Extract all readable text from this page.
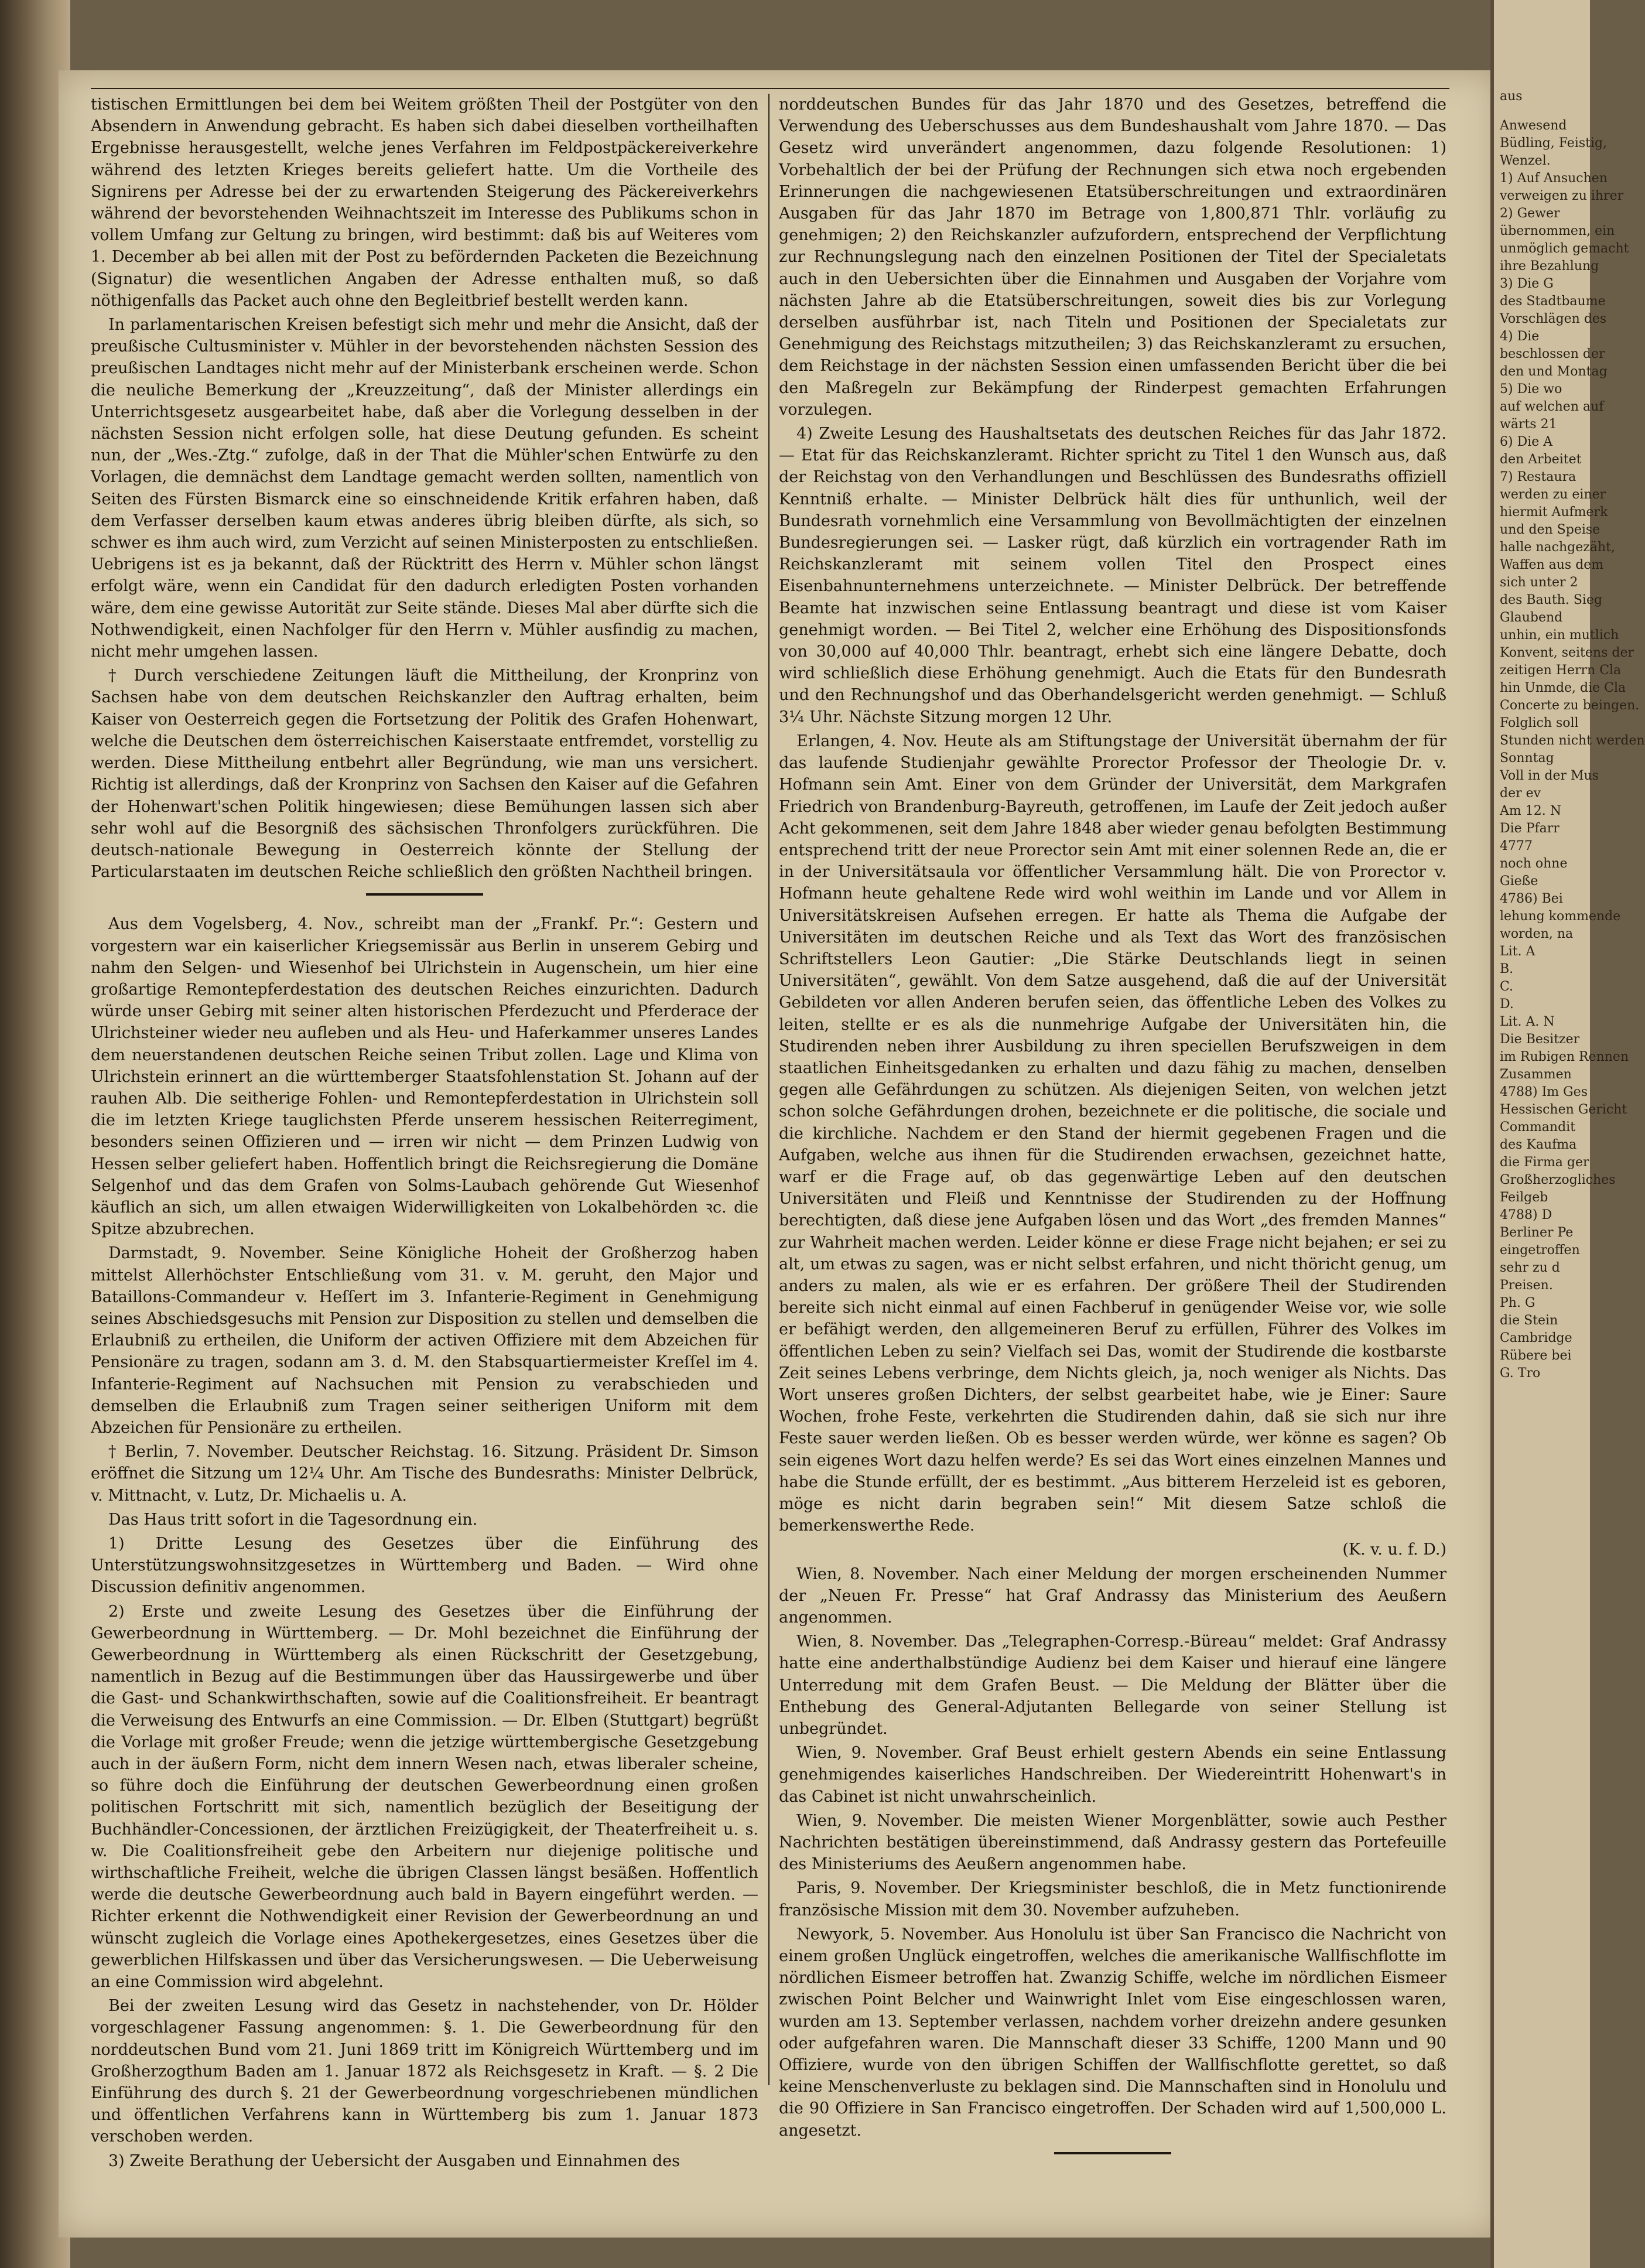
tistischen Ermittlungen bei dem bei Weitem größten Theil der Postgüter von den Absendern in Anwendung gebracht. Es haben sich dabei dieselben vortheilhaften Ergebnisse herausgestellt, welche jenes Verfahren im Feldpostpäckereiverkehre während des letzten Krieges bereits geliefert hatte. Um die Vortheile des Signirens per Adresse bei der zu erwartenden Steigerung des Päckereiverkehrs während der bevorstehenden Weihnachtszeit im Interesse des Publikums schon in vollem Umfang zur Geltung zu bringen, wird bestimmt: daß bis auf Weiteres vom 1. December ab bei allen mit der Post zu befördernden Packeten die Bezeichnung (Signatur) die wesentlichen Angaben der Adresse enthalten muß, so daß nöthigenfalls das Packet auch ohne den Begleitbrief bestellt werden kann.

In parlamentarischen Kreisen befestigt sich mehr und mehr die Ansicht, daß der preußische Cultusminister v. Mühler in der bevorstehenden nächsten Session des preußischen Landtages nicht mehr auf der Ministerbank erscheinen werde. Schon die neuliche Bemerkung der „Kreuzzeitung“, daß der Minister allerdings ein Unterrichtsgesetz ausgearbeitet habe, daß aber die Vorlegung desselben in der nächsten Session nicht erfolgen solle, hat diese Deutung gefunden. Es scheint nun, der „Wes.-Ztg.“ zufolge, daß in der That die Mühler'schen Entwürfe zu den Vorlagen, die demnächst dem Landtage gemacht werden sollten, namentlich von Seiten des Fürsten Bismarck eine so einschneidende Kritik erfahren haben, daß dem Verfasser derselben kaum etwas anderes übrig bleiben dürfte, als sich, so schwer es ihm auch wird, zum Verzicht auf seinen Ministerposten zu entschließen. Uebrigens ist es ja bekannt, daß der Rücktritt des Herrn v. Mühler schon längst erfolgt wäre, wenn ein Candidat für den dadurch erledigten Posten vorhanden wäre, dem eine gewisse Autorität zur Seite stände. Dieses Mal aber dürfte sich die Nothwendigkeit, einen Nachfolger für den Herrn v. Mühler ausfindig zu machen, nicht mehr umgehen lassen.

† Durch verschiedene Zeitungen läuft die Mittheilung, der Kronprinz von Sachsen habe von dem deutschen Reichskanzler den Auftrag erhalten, beim Kaiser von Oesterreich gegen die Fortsetzung der Politik des Grafen Hohenwart, welche die Deutschen dem österreichischen Kaiserstaate entfremdet, vorstellig zu werden. Diese Mittheilung entbehrt aller Begründung, wie man uns versichert. Richtig ist allerdings, daß der Kronprinz von Sachsen den Kaiser auf die Gefahren der Hohenwart'schen Politik hingewiesen; diese Bemühungen lassen sich aber sehr wohl auf die Besorgniß des sächsischen Thronfolgers zurückführen. Die deutsch-nationale Bewegung in Oesterreich könnte der Stellung der Particularstaaten im deutschen Reiche schließlich den größten Nachtheil bringen.

Aus dem Vogelsberg, 4. Nov., schreibt man der „Frankf. Pr.“: Gestern und vorgestern war ein kaiserlicher Kriegsemissär aus Berlin in unserem Gebirg und nahm den Selgen- und Wiesenhof bei Ulrichstein in Augenschein, um hier eine großartige Remontepferdestation des deutschen Reiches einzurichten. Dadurch würde unser Gebirg mit seiner alten historischen Pferdezucht und Pferderace der Ulrichsteiner wieder neu aufleben und als Heu- und Haferkammer unseres Landes dem neuerstandenen deutschen Reiche seinen Tribut zollen. Lage und Klima von Ulrichstein erinnert an die württemberger Staatsfohlenstation St. Johann auf der rauhen Alb. Die seitherige Fohlen- und Remontepferdestation in Ulrichstein soll die im letzten Kriege tauglichsten Pferde unserem hessischen Reiterregiment, besonders seinen Offizieren und — irren wir nicht — dem Prinzen Ludwig von Hessen selber geliefert haben. Hoffentlich bringt die Reichsregierung die Domäne Selgenhof und das dem Grafen von Solms-Laubach gehörende Gut Wiesenhof käuflich an sich, um allen etwaigen Widerwilligkeiten von Lokalbehörden ꝛc. die Spitze abzubrechen.

Darmstadt, 9. November. Seine Königliche Hoheit der Großherzog haben mittelst Allerhöchster Entschließung vom 31. v. M. geruht, den Major und Bataillons-Commandeur v. Heſſert im 3. Infanterie-Regiment in Genehmigung seines Abschiedsgesuchs mit Pension zur Disposition zu stellen und demselben die Erlaubniß zu ertheilen, die Uniform der activen Offiziere mit dem Abzeichen für Pensionäre zu tragen, sodann am 3. d. M. den Stabsquartiermeister Kreſſel im 4. Infanterie-Regiment auf Nachsuchen mit Pension zu verabschieden und demselben die Erlaubniß zum Tragen seiner seitherigen Uniform mit dem Abzeichen für Pensionäre zu ertheilen.

† Berlin, 7. November. Deutscher Reichstag. 16. Sitzung. Präsident Dr. Simson eröffnet die Sitzung um 12¼ Uhr. Am Tische des Bundesraths: Minister Delbrück, v. Mittnacht, v. Lutz, Dr. Michaelis u. A.

Das Haus tritt sofort in die Tagesordnung ein.

1) Dritte Lesung des Gesetzes über die Einführung des Unterstützungswohnsitzgesetzes in Württemberg und Baden. — Wird ohne Discussion definitiv angenommen.

2) Erste und zweite Lesung des Gesetzes über die Einführung der Gewerbeordnung in Württemberg. — Dr. Mohl bezeichnet die Einführung der Gewerbeordnung in Württemberg als einen Rückschritt der Gesetzgebung, namentlich in Bezug auf die Bestimmungen über das Haussirgewerbe und über die Gast- und Schankwirthschaften, sowie auf die Coalitionsfreiheit. Er beantragt die Verweisung des Entwurfs an eine Commission. — Dr. Elben (Stuttgart) begrüßt die Vorlage mit großer Freude; wenn die jetzige württembergische Gesetzgebung auch in der äußern Form, nicht dem innern Wesen nach, etwas liberaler scheine, so führe doch die Einführung der deutschen Gewerbeordnung einen großen politischen Fortschritt mit sich, namentlich bezüglich der Beseitigung der Buchhändler-Concessionen, der ärztlichen Freizügigkeit, der Theaterfreiheit u. s. w. Die Coalitionsfreiheit gebe den Arbeitern nur diejenige politische und wirthschaftliche Freiheit, welche die übrigen Classen längst besäßen. Hoffentlich werde die deutsche Gewerbeordnung auch bald in Bayern eingeführt werden. — Richter erkennt die Nothwendigkeit einer Revision der Gewerbeordnung an und wünscht zugleich die Vorlage eines Apothekergesetzes, eines Gesetzes über die gewerblichen Hilfskassen und über das Versicherungswesen. — Die Ueberweisung an eine Commission wird abgelehnt.

Bei der zweiten Lesung wird das Gesetz in nachstehender, von Dr. Hölder vorgeschlagener Fassung angenommen: §. 1. Die Gewerbeordnung für den norddeutschen Bund vom 21. Juni 1869 tritt im Königreich Württemberg und im Großherzogthum Baden am 1. Januar 1872 als Reichsgesetz in Kraft. — §. 2 Die Einführung des durch §. 21 der Gewerbeordnung vorgeschriebenen mündlichen und öffentlichen Verfahrens kann in Württemberg bis zum 1. Januar 1873 verschoben werden.

3) Zweite Berathung der Uebersicht der Ausgaben und Einnahmen des

norddeutschen Bundes für das Jahr 1870 und des Gesetzes, betreffend die Verwendung des Ueberschusses aus dem Bundeshaushalt vom Jahre 1870. — Das Gesetz wird unverändert angenommen, dazu folgende Resolutionen: 1) Vorbehaltlich der bei der Prüfung der Rechnungen sich etwa noch ergebenden Erinnerungen die nachgewiesenen Etatsüberschreitungen und extraordinären Ausgaben für das Jahr 1870 im Betrage von 1,800,871 Thlr. vorläufig zu genehmigen; 2) den Reichskanzler aufzufordern, entsprechend der Verpflichtung zur Rechnungslegung nach den einzelnen Positionen der Titel der Specialetats auch in den Uebersichten über die Einnahmen und Ausgaben der Vorjahre vom nächsten Jahre ab die Etatsüberschreitungen, soweit dies bis zur Vorlegung derselben ausführbar ist, nach Titeln und Positionen der Specialetats zur Genehmigung des Reichstags mitzutheilen; 3) das Reichskanzleramt zu ersuchen, dem Reichstage in der nächsten Session einen umfassenden Bericht über die bei den Maßregeln zur Bekämpfung der Rinderpest gemachten Erfahrungen vorzulegen.

4) Zweite Lesung des Haushaltsetats des deutschen Reiches für das Jahr 1872. — Etat für das Reichskanzleramt. Richter spricht zu Titel 1 den Wunsch aus, daß der Reichstag von den Verhandlungen und Beschlüssen des Bundesraths offiziell Kenntniß erhalte. — Minister Delbrück hält dies für unthunlich, weil der Bundesrath vornehmlich eine Versammlung von Bevollmächtigten der einzelnen Bundesregierungen sei. — Lasker rügt, daß kürzlich ein vortragender Rath im Reichskanzleramt mit seinem vollen Titel den Prospect eines Eisenbahnunternehmens unterzeichnete. — Minister Delbrück. Der betreffende Beamte hat inzwischen seine Entlassung beantragt und diese ist vom Kaiser genehmigt worden. — Bei Titel 2, welcher eine Erhöhung des Dispositionsfonds von 30,000 auf 40,000 Thlr. beantragt, erhebt sich eine längere Debatte, doch wird schließlich diese Erhöhung genehmigt. Auch die Etats für den Bundesrath und den Rechnungshof und das Oberhandelsgericht werden genehmigt. — Schluß 3¼ Uhr. Nächste Sitzung morgen 12 Uhr.

Erlangen, 4. Nov. Heute als am Stiftungstage der Universität übernahm der für das laufende Studienjahr gewählte Prorector Professor der Theologie Dr. v. Hofmann sein Amt. Einer von dem Gründer der Universität, dem Markgrafen Friedrich von Brandenburg-Bayreuth, getroffenen, im Laufe der Zeit jedoch außer Acht gekommenen, seit dem Jahre 1848 aber wieder genau befolgten Bestimmung entsprechend tritt der neue Prorector sein Amt mit einer solennen Rede an, die er in der Universitätsaula vor öffentlicher Versammlung hält. Die von Prorector v. Hofmann heute gehaltene Rede wird wohl weithin im Lande und vor Allem in Universitätskreisen Aufsehen erregen. Er hatte als Thema die Aufgabe der Universitäten im deutschen Reiche und als Text das Wort des französischen Schriftstellers Leon Gautier: „Die Stärke Deutschlands liegt in seinen Universitäten“, gewählt. Von dem Satze ausgehend, daß die auf der Universität Gebildeten vor allen Anderen berufen seien, das öffentliche Leben des Volkes zu leiten, stellte er es als die nunmehrige Aufgabe der Universitäten hin, die Studirenden neben ihrer Ausbildung zu ihren speciellen Berufszweigen in dem staatlichen Einheitsgedanken zu erhalten und dazu fähig zu machen, denselben gegen alle Gefährdungen zu schützen. Als diejenigen Seiten, von welchen jetzt schon solche Gefährdungen drohen, bezeichnete er die politische, die sociale und die kirchliche. Nachdem er den Stand der hiermit gegebenen Fragen und die Aufgaben, welche aus ihnen für die Studirenden erwachsen, gezeichnet hatte, warf er die Frage auf, ob das gegenwärtige Leben auf den deutschen Universitäten und Fleiß und Kenntnisse der Studirenden zu der Hoffnung berechtigten, daß diese jene Aufgaben lösen und das Wort „des fremden Mannes“ zur Wahrheit machen werden. Leider könne er diese Frage nicht bejahen; er sei zu alt, um etwas zu sagen, was er nicht selbst erfahren, und nicht thöricht genug, um anders zu malen, als wie er es erfahren. Der größere Theil der Studirenden bereite sich nicht einmal auf einen Fachberuf in genügender Weise vor, wie solle er befähigt werden, den allgemeineren Beruf zu erfüllen, Führer des Volkes im öffentlichen Leben zu sein? Vielfach sei Das, womit der Studirende die kostbarste Zeit seines Lebens verbringe, dem Nichts gleich, ja, noch weniger als Nichts. Das Wort unseres großen Dichters, der selbst gearbeitet habe, wie je Einer: Saure Wochen, frohe Feste, verkehrten die Studirenden dahin, daß sie sich nur ihre Feste sauer werden ließen. Ob es besser werden würde, wer könne es sagen? Ob sein eigenes Wort dazu helfen werde? Es sei das Wort eines einzelnen Mannes und habe die Stunde erfüllt, der es bestimmt. „Aus bitterem Herzeleid ist es geboren, möge es nicht darin begraben sein!“ Mit diesem Satze schloß die bemerkenswerthe Rede.

(K. v. u. f. D.)

Wien, 8. November. Nach einer Meldung der morgen erscheinenden Nummer der „Neuen Fr. Presse“ hat Graf Andrassy das Ministerium des Aeußern angenommen.

Wien, 8. November. Das „Telegraphen-Corresp.-Büreau“ meldet: Graf Andrassy hatte eine anderthalbstündige Audienz bei dem Kaiser und hierauf eine längere Unterredung mit dem Grafen Beust. — Die Meldung der Blätter über die Enthebung des General-Adjutanten Bellegarde von seiner Stellung ist unbegründet.

Wien, 9. November. Graf Beust erhielt gestern Abends ein seine Entlassung genehmigendes kaiserliches Handschreiben. Der Wiedereintritt Hohenwart's in das Cabinet ist nicht unwahrscheinlich.

Wien, 9. November. Die meisten Wiener Morgenblätter, sowie auch Pesther Nachrichten bestätigen übereinstimmend, daß Andrassy gestern das Portefeuille des Ministeriums des Aeußern angenommen habe.

Paris, 9. November. Der Kriegsminister beschloß, die in Metz functionirende französische Mission mit dem 30. November aufzuheben.

Newyork, 5. November. Aus Honolulu ist über San Francisco die Nachricht von einem großen Unglück eingetroffen, welches die amerikanische Wallfischflotte im nördlichen Eismeer betroffen hat. Zwanzig Schiffe, welche im nördlichen Eismeer zwischen Point Belcher und Wainwright Inlet vom Eise eingeschlossen waren, wurden am 13. September verlassen, nachdem vorher dreizehn andere gesunken oder aufgefahren waren. Die Mannschaft dieser 33 Schiffe, 1200 Mann und 90 Offiziere, wurde von den übrigen Schiffen der Wallfischflotte gerettet, so daß keine Menschenverluste zu beklagen sind. Die Mannschaften sind in Honolulu und die 90 Offiziere in San Francisco eingetroffen. Der Schaden wird auf 1,500,000 L. angesetzt.

aus
Anwesend
Büdling, Feistig,
Wenzel.
1) Auf Ansuchen
verweigen zu ihrer
2) Gewer
übernommen, ein
unmöglich gemacht
ihre Bezahlung
3) Die G
des Stadtbaume
Vorschlägen des
4) Die
beschlossen der
den und Montag
5) Die wo
auf welchen auf
wärts 21
6) Die A
den Arbeitet
7) Restaura
werden zu einer
hiermit Aufmerk
und den Speise
halle nachgezäht,
Waffen aus dem
sich unter 2
des Bauth. Sieg
Glaubend
unhin, ein mutlich
Konvent, seitens der
zeitigen Herrn Cla
hin Unmde, die Cla
Concerte zu beingen.
Folglich soll
Stunden nicht werden
Sonntag
Voll in der Mus
der ev
Am 12. N
Die Pfarr
4777
noch ohne
Gieße
4786) Bei
lehung kommende
worden, na
Lit. A
B.
C.
D.
Lit. A. N
Die Besitzer
im Rubigen Rennen
Zusammen
4788) Im Ges
Hessischen Gericht
Commandit
des Kaufma
die Firma ger
Großherzogliches
Feilgeb
4788) D
Berliner Pe
eingetroffen
sehr zu d
Preisen.
Ph. G
die Stein
Cambridge
Rübere bei
G. Tro
